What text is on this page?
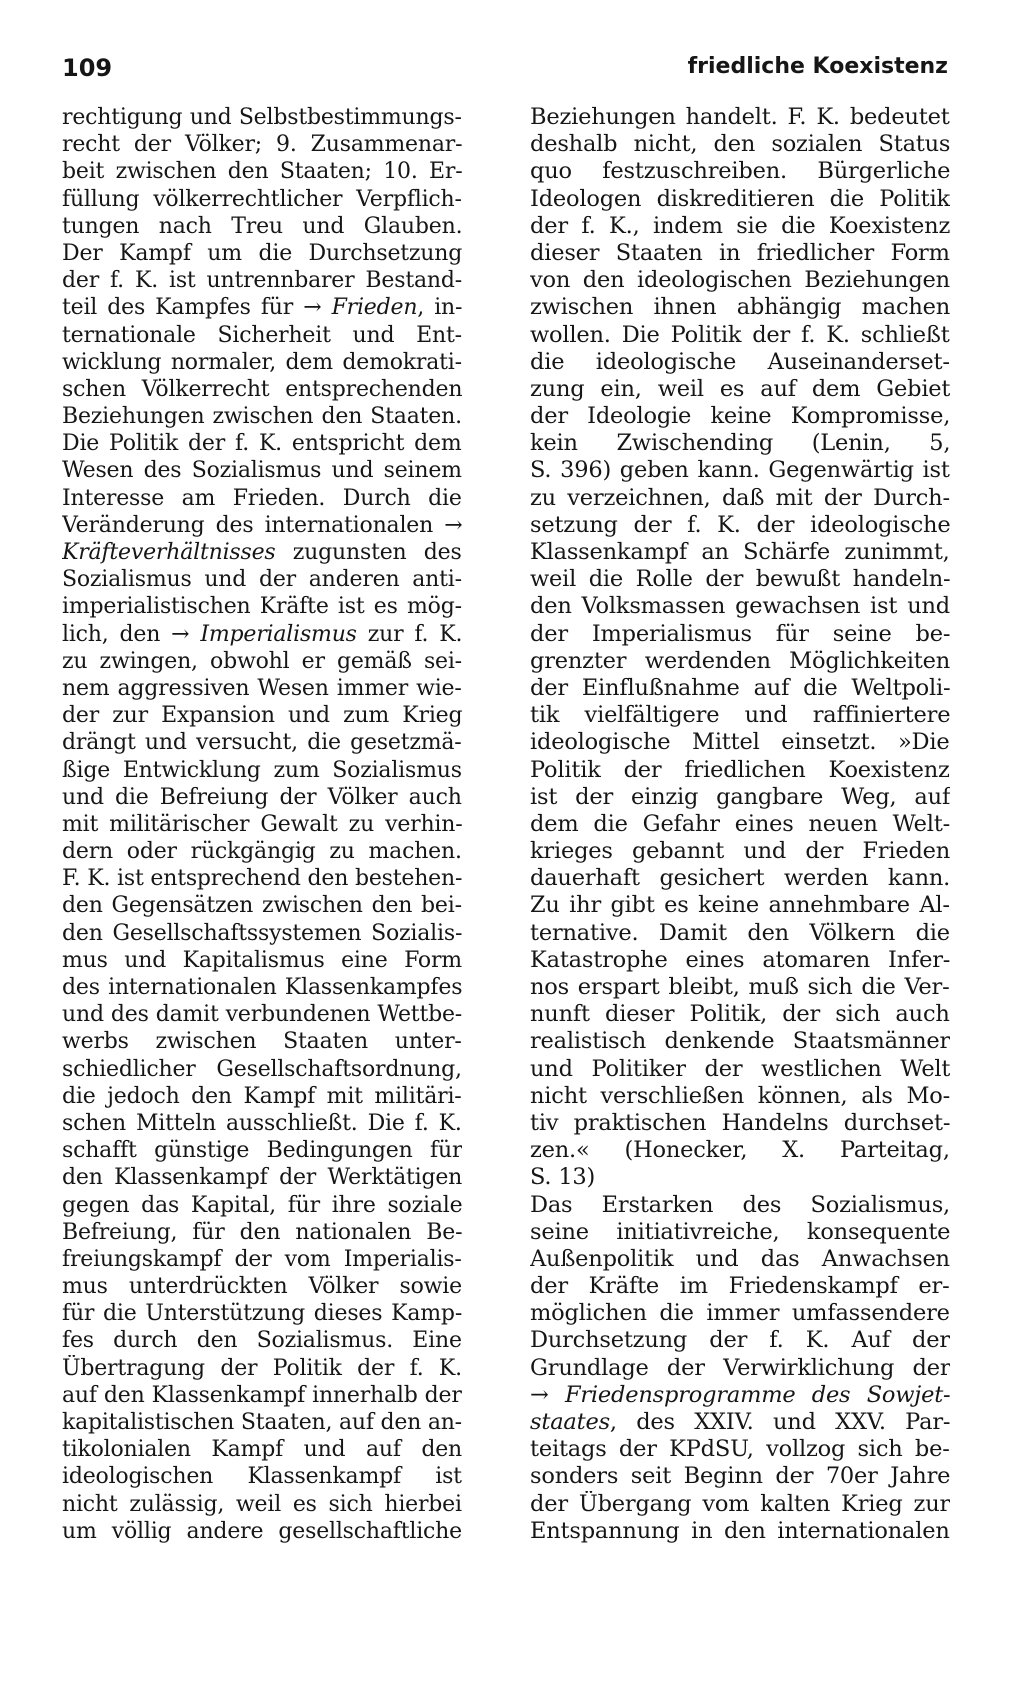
109	friedliche Koexistenz
rechtigung und Selbstbestimmungs-
recht der Völker; 9. Zusammenar-
beit zwischen den Staaten; 10. Er-
füllung völkerrechtlicher Verpflich-
tungen nach Treu und Glauben.
Der Kampf um die Durchsetzung
der f. K. ist untrennbarer Bestand-
teil des Kampfes für → Frieden, in-
ternationale Sicherheit und Ent-
wicklung normaler, dem demokrati-
schen Völkerrecht entsprechenden
Beziehungen zwischen den Staaten.
Die Politik der f. K. entspricht dem
Wesen des Sozialismus und seinem
Interesse am Frieden. Durch die
Veränderung des internationalen →
Kräfteverhältnisses zugunsten des
Sozialismus und der anderen anti-
imperialistischen Kräfte ist es mög-
lich, den → Imperialismus zur f. K.
zu zwingen, obwohl er gemäß sei-
nem aggressiven Wesen immer wie-
der zur Expansion und zum Krieg
drängt und versucht, die gesetzmä-
ßige Entwicklung zum Sozialismus
und die Befreiung der Völker auch
mit militärischer Gewalt zu verhin-
dern oder rückgängig zu machen.
F. K. ist entsprechend den bestehen-
den Gegensätzen zwischen den bei-
den Gesellschaftssystemen Sozialis-
mus und Kapitalismus eine Form
des internationalen Klassenkampfes
und des damit verbundenen Wettbe-
werbs zwischen Staaten unter-
schiedlicher Gesellschaftsordnung,
die jedoch den Kampf mit militäri-
schen Mitteln ausschließt. Die f. K.
schafft günstige Bedingungen für
den Klassenkampf der Werktätigen
gegen das Kapital, für ihre soziale
Befreiung, für den nationalen Be-
freiungskampf der vom Imperialis-
mus unterdrückten Völker sowie
für die Unterstützung dieses Kamp-
fes durch den Sozialismus. Eine
Übertragung der Politik der f. K.
auf den Klassenkampf innerhalb der
kapitalistischen Staaten, auf den an-
tikolonialen Kampf und auf den
ideologischen Klassenkampf ist
nicht zulässig, weil es sich hierbei
um völlig andere gesellschaftliche
Beziehungen handelt. F. K. bedeutet
deshalb nicht, den sozialen Status
quo festzuschreiben. Bürgerliche
Ideologen diskreditieren die Politik
der f. K., indem sie die Koexistenz
dieser Staaten in friedlicher Form
von den ideologischen Beziehungen
zwischen ihnen abhängig machen
wollen. Die Politik der f. K. schließt
die ideologische Auseinanderset-
zung ein, weil es auf dem Gebiet
der Ideologie keine Kompromisse,
kein Zwischending (Lenin, 5,
S. 396) geben kann. Gegenwärtig ist
zu verzeichnen, daß mit der Durch-
setzung der f. K. der ideologische
Klassenkampf an Schärfe zunimmt,
weil die Rolle der bewußt handeln-
den Volksmassen gewachsen ist und
der Imperialismus für seine be-
grenzter werdenden Möglichkeiten
der Einflußnahme auf die Weltpoli-
tik vielfältigere und raffiniertere
ideologische Mittel einsetzt. »Die
Politik der friedlichen Koexistenz
ist der einzig gangbare Weg, auf
dem die Gefahr eines neuen Welt-
krieges gebannt und der Frieden
dauerhaft gesichert werden kann.
Zu ihr gibt es keine annehmbare Al-
ternative. Damit den Völkern die
Katastrophe eines atomaren Infer-
nos erspart bleibt, muß sich die Ver-
nunft dieser Politik, der sich auch
realistisch denkende Staatsmänner
und Politiker der westlichen Welt
nicht verschließen können, als Mo-
tiv praktischen Handelns durchset-
zen.« (Honecker, X. Parteitag,
S. 13)
Das Erstarken des Sozialismus,
seine initiativreiche, konsequente
Außenpolitik und das Anwachsen
der Kräfte im Friedenskampf er-
möglichen die immer umfassendere
Durchsetzung der f. K. Auf der
Grundlage der Verwirklichung der
→ Friedensprogramme des Sowjet-
staates, des XXIV. und XXV. Par-
teitags der KPdSU, vollzog sich be-
sonders seit Beginn der 70er Jahre
der Übergang vom kalten Krieg zur
Entspannung in den internationalen
